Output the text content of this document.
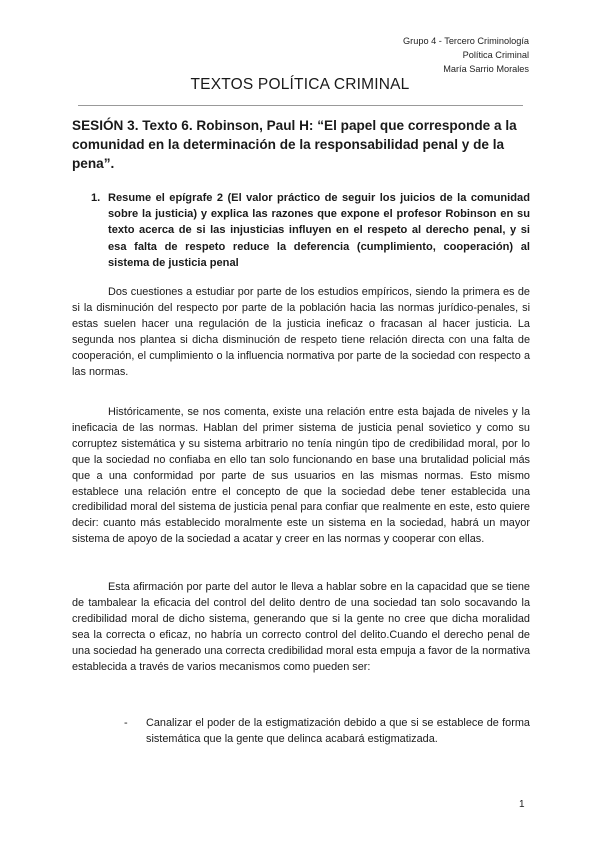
Grupo 4 - Tercero Criminología
Política Criminal
María Sarrio Morales
TEXTOS POLÍTICA CRIMINAL
SESIÓN 3. Texto 6. Robinson, Paul H: “El papel que corresponde a la comunidad en la determinación de la responsabilidad penal y de la pena”.
1. Resume el epígrafe 2 (El valor práctico de seguir los juicios de la comunidad sobre la justicia) y explica las razones que expone el profesor Robinson en su texto acerca de si las injusticias influyen en el respeto al derecho penal, y si esa falta de respeto reduce la deferencia (cumplimiento, cooperación) al sistema de justicia penal

Dos cuestiones a estudiar por parte de los estudios empíricos, siendo la primera es de si la disminución del respecto por parte de la población hacia las normas jurídico-penales, si estas suelen hacer una regulación de la justicia ineficaz o fracasan al hacer justicia. La segunda nos plantea si dicha disminución de respeto tiene relación directa con una falta de cooperación, el cumplimiento o la influencia normativa por parte de la sociedad con respecto a las normas.

Históricamente, se nos comenta, existe una relación entre esta bajada de niveles y la ineficacia de las normas. Hablan del primer sistema de justicia penal sovietico y como su corruptez sistemática y su sistema arbitrario no tenía ningún tipo de credibilidad moral, por lo que la sociedad no confiaba en ello tan solo funcionando en base una brutalidad policial más que a una conformidad por parte de sus usuarios en las mismas normas. Esto mismo establece una relación entre el concepto de que la sociedad debe tener establecida una credibilidad moral del sistema de justicia penal para confiar que realmente en este, esto quiere decir: cuanto más establecido moralmente este un sistema en la sociedad, habrá un mayor sistema de apoyo de la sociedad a acatar y creer en las normas y cooperar con ellas.

Esta afirmación por parte del autor le lleva a hablar sobre en la capacidad que se tiene de tambalear la eficacia del control del delito dentro de una sociedad tan solo socavando la credibilidad moral de dicho sistema, generando que si la gente no cree que dicha moralidad sea la correcta o eficaz, no habría un correcto control del delito.Cuando el derecho penal de una sociedad ha generado una correcta credibilidad moral esta empuja a favor de la normativa establecida a través de varios mecanismos como pueden ser:

- Canalizar el poder de la estigmatización debido a que si se establece de forma sistemática que la gente que delinca acabará estigmatizada.
1
